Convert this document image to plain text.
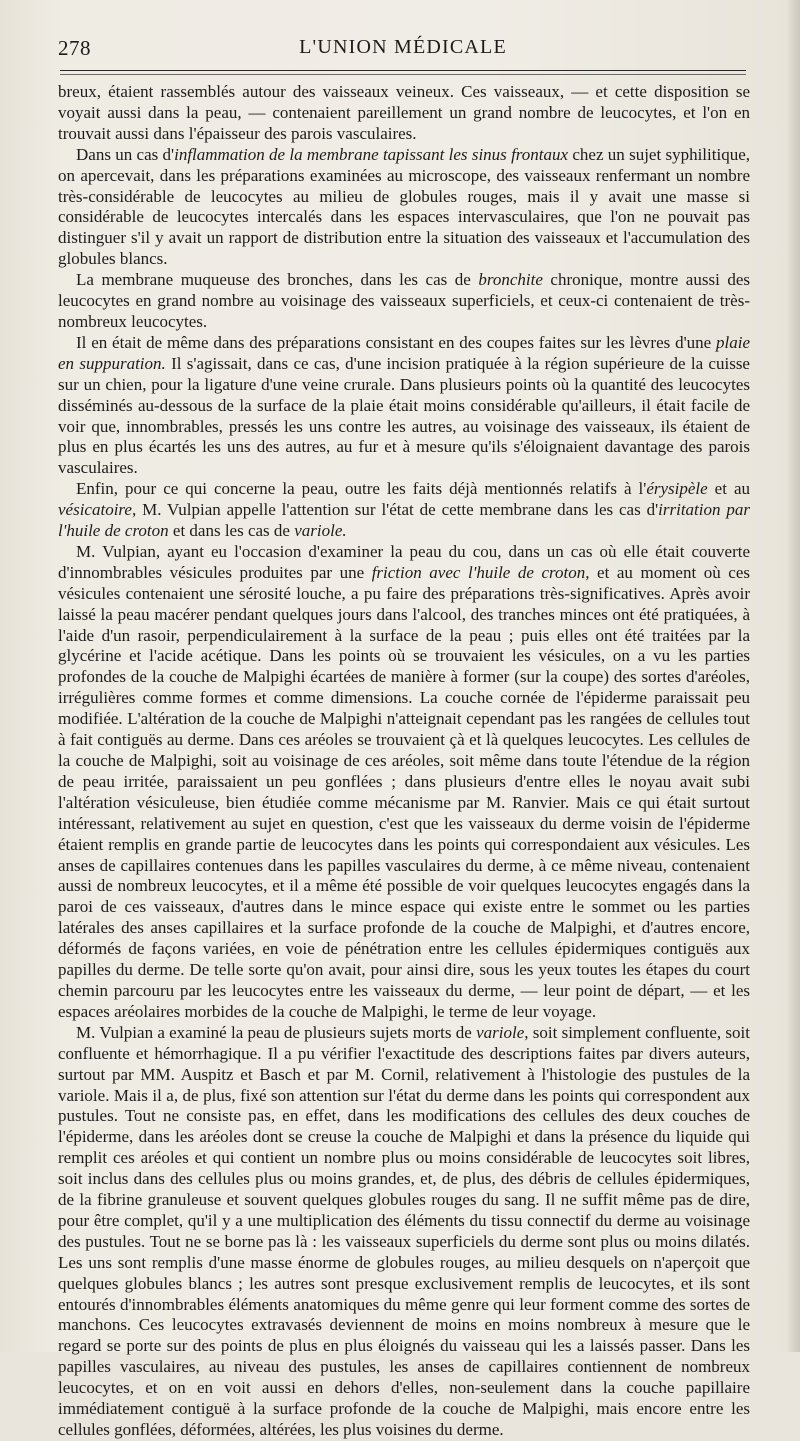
278	L'UNION MÉDICALE

breux, étaient rassemblés autour des vaisseaux veineux. Ces vaisseaux, — et cette disposition se voyait aussi dans la peau, — contenaient pareillement un grand nombre de leucocytes, et l'on en trouvait aussi dans l'épaisseur des parois vasculaires.

Dans un cas d'inflammation de la membrane tapissant les sinus frontaux chez un sujet syphilitique, on apercevait, dans les préparations examinées au microscope, des vaisseaux renfermant un nombre très-considérable de leucocytes au milieu de globules rouges, mais il y avait une masse si considérable de leucocytes intercalés dans les espaces intervasculaires, que l'on ne pouvait pas distinguer s'il y avait un rapport de distribution entre la situation des vaisseaux et l'accumulation des globules blancs.

La membrane muqueuse des bronches, dans les cas de bronchite chronique, montre aussi des leucocytes en grand nombre au voisinage des vaisseaux superficiels, et ceux-ci contenaient de très-nombreux leucocytes.

Il en était de même dans des préparations consistant en des coupes faites sur les lèvres d'une plaie en suppuration. Il s'agissait, dans ce cas, d'une incision pratiquée à la région supérieure de la cuisse sur un chien, pour la ligature d'une veine crurale. Dans plusieurs points où la quantité des leucocytes disséminés au-dessous de la surface de la plaie était moins considérable qu'ailleurs, il était facile de voir que, innombrables, pressés les uns contre les autres, au voisinage des vaisseaux, ils étaient de plus en plus écartés les uns des autres, au fur et à mesure qu'ils s'éloignaient davantage des parois vasculaires.

Enfin, pour ce qui concerne la peau, outre les faits déjà mentionnés relatifs à l'érysipèle et au vésicatoire, M. Vulpian appelle l'attention sur l'état de cette membrane dans les cas d'irritation par l'huile de croton et dans les cas de variole.

M. Vulpian, ayant eu l'occasion d'examiner la peau du cou, dans un cas où elle était couverte d'innombrables vésicules produites par une friction avec l'huile de croton, et au moment où ces vésicules contenaient une sérosité louche, a pu faire des préparations très-significatives. Après avoir laissé la peau macérer pendant quelques jours dans l'alcool, des tranches minces ont été pratiquées, à l'aide d'un rasoir, perpendiculairement à la surface de la peau ; puis elles ont été traitées par la glycérine et l'acide acétique. Dans les points où se trouvaient les vésicules, on a vu les parties profondes de la couche de Malpighi écartées de manière à former (sur la coupe) des sortes d'aréoles, irrégulières comme formes et comme dimensions. La couche cornée de l'épiderme paraissait peu modifiée. L'altération de la couche de Malpighi n'atteignait cependant pas les rangées de cellules tout à fait contiguës au derme. Dans ces aréoles se trouvaient çà et là quelques leucocytes. Les cellules de la couche de Malpighi, soit au voisinage de ces aréoles, soit même dans toute l'étendue de la région de peau irritée, paraissaient un peu gonflées ; dans plusieurs d'entre elles le noyau avait subi l'altération vésiculeuse, bien étudiée comme mécanisme par M. Ranvier. Mais ce qui était surtout intéressant, relativement au sujet en question, c'est que les vaisseaux du derme voisin de l'épiderme étaient remplis en grande partie de leucocytes dans les points qui correspondaient aux vésicules. Les anses de capillaires contenues dans les papilles vasculaires du derme, à ce même niveau, contenaient aussi de nombreux leucocytes, et il a même été possible de voir quelques leucocytes engagés dans la paroi de ces vaisseaux, d'autres dans le mince espace qui existe entre le sommet ou les parties latérales des anses capillaires et la surface profonde de la couche de Malpighi, et d'autres encore, déformés de façons variées, en voie de pénétration entre les cellules épidermiques contiguës aux papilles du derme. De telle sorte qu'on avait, pour ainsi dire, sous les yeux toutes les étapes du court chemin parcouru par les leucocytes entre les vaisseaux du derme, — leur point de départ, — et les espaces aréolaires morbides de la couche de Malpighi, le terme de leur voyage.

M. Vulpian a examiné la peau de plusieurs sujets morts de variole, soit simplement confluente, soit confluente et hémorrhagique. Il a pu vérifier l'exactitude des descriptions faites par divers auteurs, surtout par MM. Auspitz et Basch et par M. Cornil, relativement à l'histologie des pustules de la variole. Mais il a, de plus, fixé son attention sur l'état du derme dans les points qui correspondent aux pustules. Tout ne consiste pas, en effet, dans les modifications des cellules des deux couches de l'épiderme, dans les aréoles dont se creuse la couche de Malpighi et dans la présence du liquide qui remplit ces aréoles et qui contient un nombre plus ou moins considérable de leucocytes soit libres, soit inclus dans des cellules plus ou moins grandes, et, de plus, des débris de cellules épidermiques, de la fibrine granuleuse et souvent quelques globules rouges du sang. Il ne suffit même pas de dire, pour être complet, qu'il y a une multiplication des éléments du tissu connectif du derme au voisinage des pustules. Tout ne se borne pas là : les vaisseaux superficiels du derme sont plus ou moins dilatés. Les uns sont remplis d'une masse énorme de globules rouges, au milieu desquels on n'aperçoit que quelques globules blancs ; les autres sont presque exclusivement remplis de leucocytes, et ils sont entourés d'innombrables éléments anatomiques du même genre qui leur forment comme des sortes de manchons. Ces leucocytes extravasés deviennent de moins en moins nombreux à mesure que le regard se porte sur des points de plus en plus éloignés du vaisseau qui les a laissés passer. Dans les papilles vasculaires, au niveau des pustules, les anses de capillaires contiennent de nombreux leucocytes, et on en voit aussi en dehors d'elles, non-seulement dans la couche papillaire immédiatement contiguë à la surface profonde de la couche de Malpighi, mais encore entre les cellules gonflées, déformées, altérées, les plus voisines du derme.
